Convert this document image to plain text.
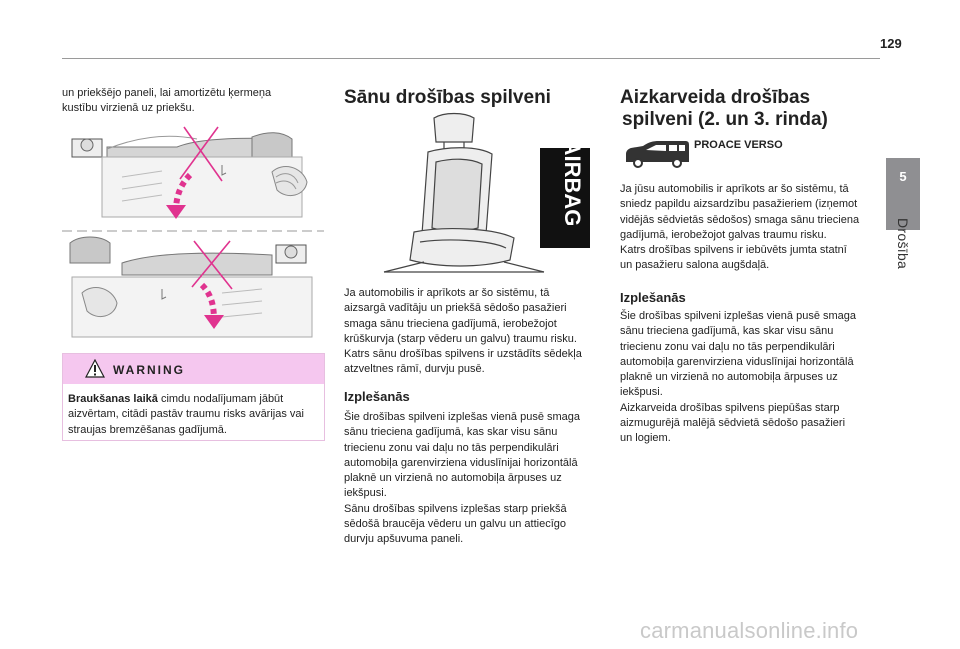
129
5
Drošība
un priekšējo paneli, lai amortizētu ķermeņa
kustību virzienā uz priekšu.
WARNING
Braukšanas laikā cimdu nodalījumam jābūt aizvērtam, citādi pastāv traumu risks avārijas vai straujas bremzēšanas gadījumā.
Sānu drošības spilveni
AIRBAG
Ja automobilis ir aprīkots ar šo sistēmu, tā
aizsargā vadītāju un priekšā sēdošo pasažieri
smaga sānu trieciena gadījumā, ierobežojot
krūškurvja (starp vēderu un galvu) traumu risku.
Katrs sānu drošības spilvens ir uzstādīts sēdekļa
atzveltnes rāmī, durvju pusē.
Izplešanās
Šie drošības spilveni izplešas vienā pusē smaga
sānu trieciena gadījumā, kas skar visu sānu
triecienu zonu vai daļu no tās perpendikulāri
automobiļa garenvirziena viduslīnijai horizontālā
plaknē un virzienā no automobiļa ārpuses uz
iekšpusi.
Sānu drošības spilvens izplešas starp priekšā
sēdošā braucēja vēderu un galvu un attiecīgo
durvju apšuvuma paneli.
Aizkarveida drošības
spilveni (2. un 3. rinda)
PROACE VERSO
Ja jūsu automobilis ir aprīkots ar šo sistēmu, tā
sniedz papildu aizsardzību pasažieriem (izņemot
vidējās sēdvietās sēdošos) smaga sānu trieciena
gadījumā, ierobežojot galvas traumu risku.
Katrs drošības spilvens ir iebūvēts jumta statnī
un pasažieru salona augšdaļā.
Izplešanās
Šie drošības spilveni izplešas vienā pusē smaga
sānu trieciena gadījumā, kas skar visu sānu
triecienu zonu vai daļu no tās perpendikulāri
automobiļa garenvirziena viduslīnijai horizontālā
plaknē un virzienā no automobiļa ārpuses uz
iekšpusi.
Aizkarveida drošības spilvens piepūšas starp
aizmugurējā malējā sēdvietā sēdošo pasažieri
un logiem.
carmanualsonline.info
